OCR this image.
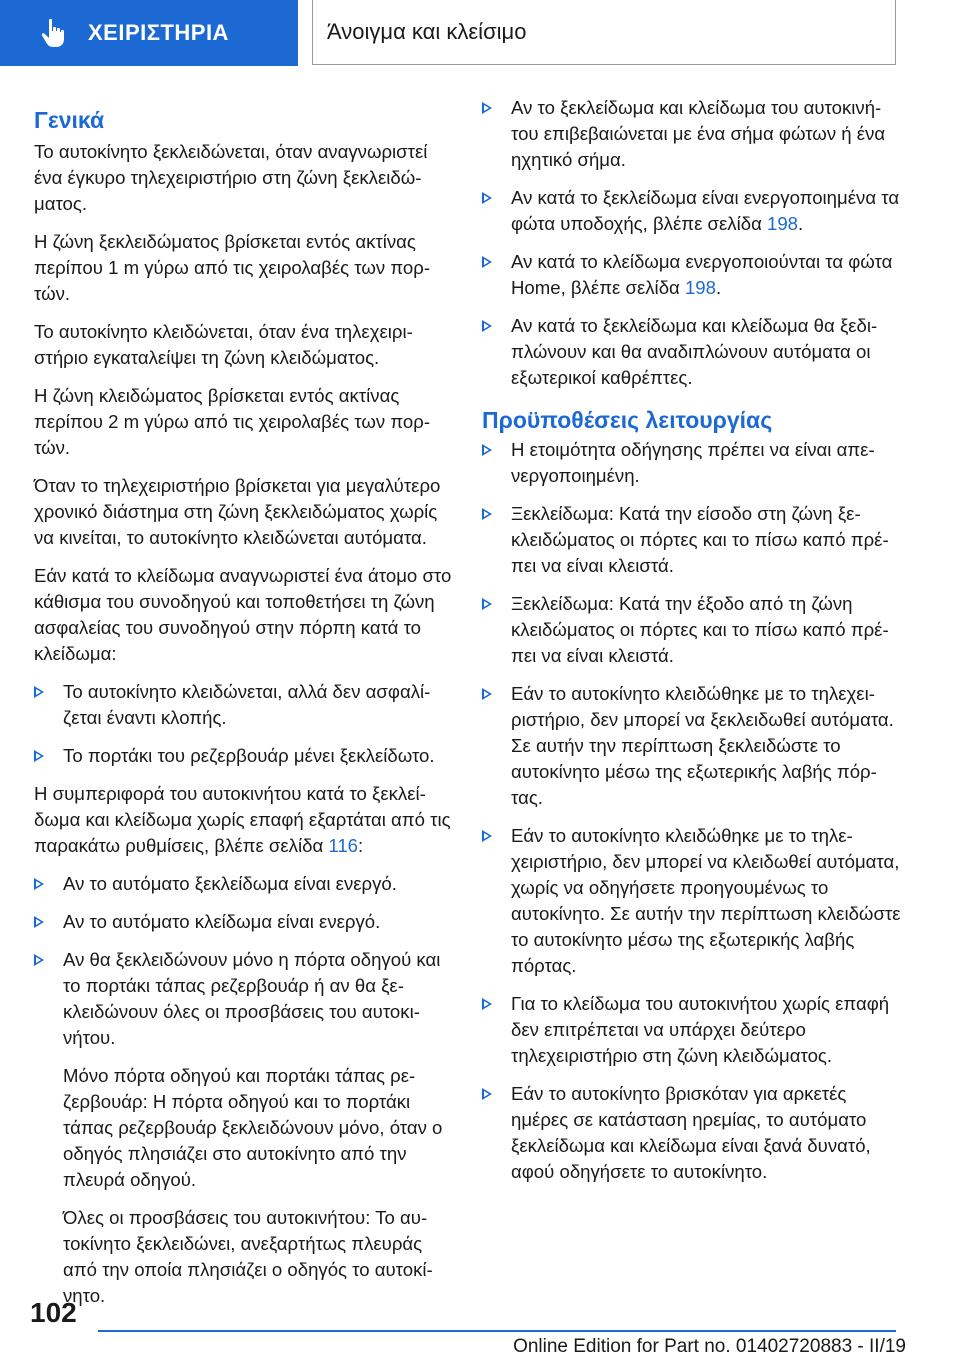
ΧΕΙΡΙΣΤΗΡΙΑ	Άνοιγμα και κλείσιμο
Γενικά

Το αυτοκίνητο ξεκλειδώνεται, όταν αναγνωριστεί ένα έγκυρο τηλεχειριστήριο στη ζώνη ξεκλειδώματος.

Η ζώνη ξεκλειδώματος βρίσκεται εντός ακτίνας περίπου 1 m γύρω από τις χειρολαβές των πορτών.

Το αυτοκίνητο κλειδώνεται, όταν ένα τηλεχειριστήριο εγκαταλείψει τη ζώνη κλειδώματος.

Η ζώνη κλειδώματος βρίσκεται εντός ακτίνας περίπου 2 m γύρω από τις χειρολαβές των πορτών.

Όταν το τηλεχειριστήριο βρίσκεται για μεγαλύτερο χρονικό διάστημα στη ζώνη ξεκλειδώματος χωρίς να κινείται, το αυτοκίνητο κλειδώνεται αυτόματα.

Εάν κατά το κλείδωμα αναγνωριστεί ένα άτομο στο κάθισμα του συνοδηγού και τοποθετήσει τη ζώνη ασφαλείας του συνοδηγού στην πόρπη κατά το κλείδωμα:

Το αυτοκίνητο κλειδώνεται, αλλά δεν ασφαλίζεται έναντι κλοπής.
Το πορτάκι του ρεζερβουάρ μένει ξεκλείδωτο.

Η συμπεριφορά του αυτοκινήτου κατά το ξεκλείδωμα και κλείδωμα χωρίς επαφή εξαρτάται από τις παρακάτω ρυθμίσεις, βλέπε σελίδα 116:

Αν το αυτόματο ξεκλείδωμα είναι ενεργό.
Αν το αυτόματο κλείδωμα είναι ενεργό.
Αν θα ξεκλειδώνουν μόνο η πόρτα οδηγού και το πορτάκι τάπας ρεζερβουάρ ή αν θα ξεκλειδώνουν όλες οι προσβάσεις του αυτοκινήτου.

Μόνο πόρτα οδηγού και πορτάκι τάπας ρεζερβουάρ: Η πόρτα οδηγού και το πορτάκι τάπας ρεζερβουάρ ξεκλειδώνουν μόνο, όταν ο οδηγός πλησιάζει στο αυτοκίνητο από την πλευρά οδηγού.

Όλες οι προσβάσεις του αυτοκινήτου: Το αυτοκίνητο ξεκλειδώνει, ανεξαρτήτως πλευράς από την οποία πλησιάζει ο οδηγός το αυτοκίνητο.

Αν το ξεκλείδωμα και κλείδωμα του αυτοκινήτου επιβεβαιώνεται με ένα σήμα φώτων ή ένα ηχητικό σήμα.
Αν κατά το ξεκλείδωμα είναι ενεργοποιημένα τα φώτα υποδοχής, βλέπε σελίδα 198.
Αν κατά το κλείδωμα ενεργοποιούνται τα φώτα Home, βλέπε σελίδα 198.
Αν κατά το ξεκλείδωμα και κλείδωμα θα ξεδιπλώνουν και θα αναδιπλώνουν αυτόματα οι εξωτερικοί καθρέπτες.
Προϋποθέσεις λειτουργίας
Η ετοιμότητα οδήγησης πρέπει να είναι απενεργοποιημένη.
Ξεκλείδωμα: Κατά την είσοδο στη ζώνη ξεκλειδώματος οι πόρτες και το πίσω καπό πρέπει να είναι κλειστά.
Ξεκλείδωμα: Κατά την έξοδο από τη ζώνη κλειδώματος οι πόρτες και το πίσω καπό πρέπει να είναι κλειστά.
Εάν το αυτοκίνητο κλειδώθηκε με το τηλεχειριστήριο, δεν μπορεί να ξεκλειδωθεί αυτόματα. Σε αυτήν την περίπτωση ξεκλειδώστε το αυτοκίνητο μέσω της εξωτερικής λαβής πόρτας.
Εάν το αυτοκίνητο κλειδώθηκε με το τηλεχειριστήριο, δεν μπορεί να κλειδωθεί αυτόματα, χωρίς να οδηγήσετε προηγουμένως το αυτοκίνητο. Σε αυτήν την περίπτωση κλειδώστε το αυτοκίνητο μέσω της εξωτερικής λαβής πόρτας.
Για το κλείδωμα του αυτοκινήτου χωρίς επαφή δεν επιτρέπεται να υπάρχει δεύτερο τηλεχειριστήριο στη ζώνη κλειδώματος.
Εάν το αυτοκίνητο βρισκόταν για αρκετές ημέρες σε κατάσταση ηρεμίας, το αυτόματο ξεκλείδωμα και κλείδωμα είναι ξανά δυνατό, αφού οδηγήσετε το αυτοκίνητο.
102
Online Edition for Part no. 01402720883 - II/19
